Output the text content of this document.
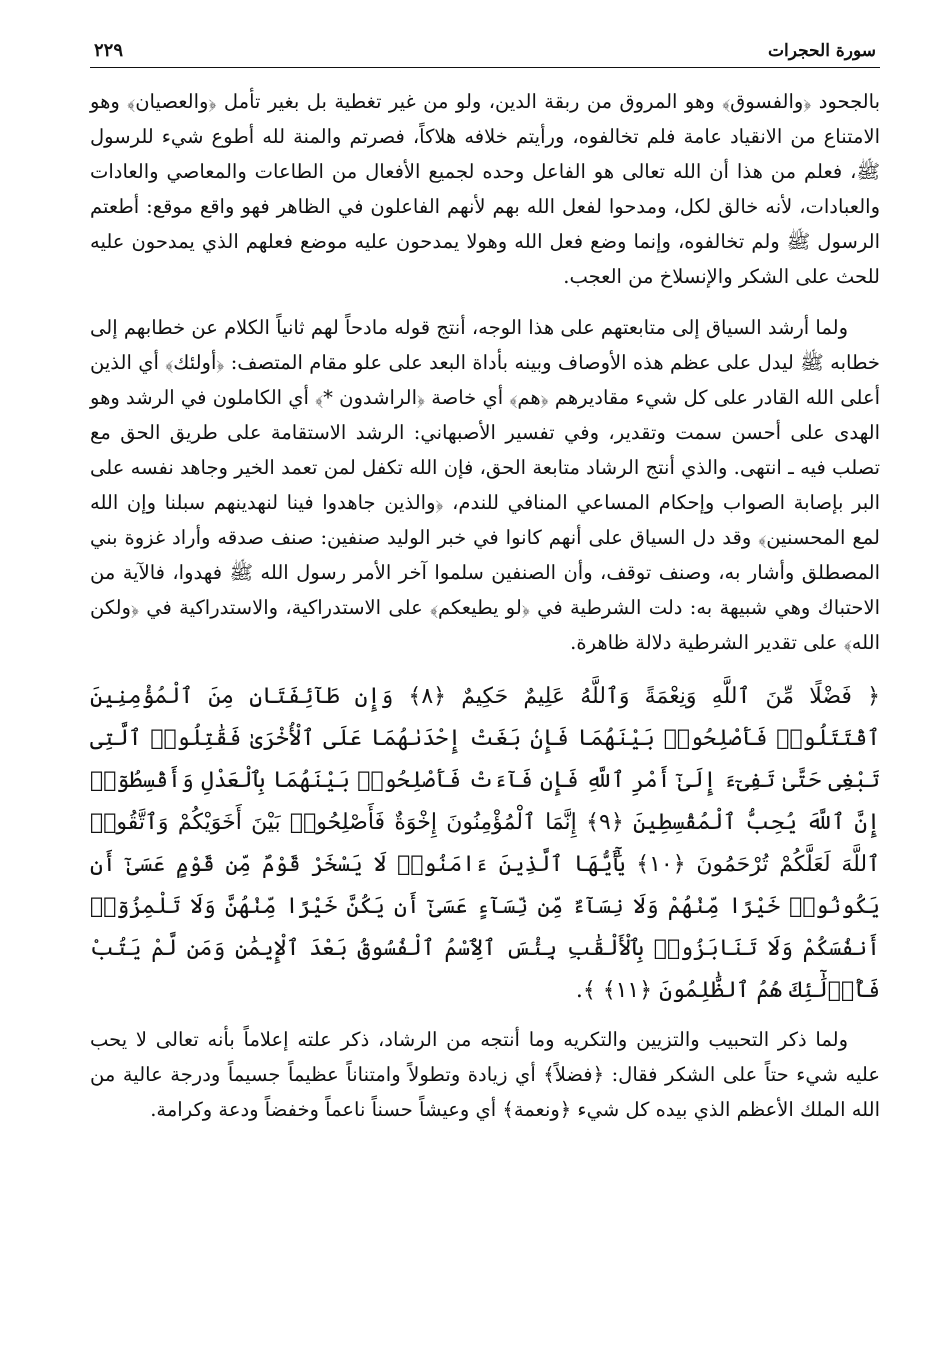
سورة الحجرات
٢٢٩

بالجحود ﴿والفسوق﴾ وهو المروق من ربقة الدين، ولو من غير تغطية بل بغير تأمل ﴿والعصيان﴾ وهو الامتناع من الانقياد عامة فلم تخالفوه، ورأيتم خلافه هلاكاً، فصرتم والمنة لله أطوع شيء للرسول ﷺ، فعلم من هذا أن الله تعالى هو الفاعل وحده لجميع الأفعال من الطاعات والمعاصي والعادات والعبادات، لأنه خالق لكل، ومدحوا لفعل الله بهم لأنهم الفاعلون في الظاهر فهو واقع موقع: أطعتم الرسول ﷺ ولم تخالفوه، وإنما وضع فعل الله وهولا يمدحون عليه موضع فعلهم الذي يمدحون عليه للحث على الشكر والإنسلاخ من العجب.

ولما أرشد السياق إلى متابعتهم على هذا الوجه، أنتج قوله مادحاً لهم ثانياً الكلام عن خطابهم إلى خطابه ﷺ ليدل على عظم هذه الأوصاف وبينه بأداة البعد على علو مقام المتصف: ﴿أولئك﴾ أي الذين أعلى الله القادر على كل شيء مقاديرهم ﴿هم﴾ أي خاصة ﴿الراشدون *﴾ أي الكاملون في الرشد وهو الهدى على أحسن سمت وتقدير، وفي تفسير الأصبهاني: الرشد الاستقامة على طريق الحق مع تصلب فيه ـ انتهى. والذي أنتج الرشاد متابعة الحق، فإن الله تكفل لمن تعمد الخير وجاهد نفسه على البر بإصابة الصواب وإحكام المساعي المنافي للندم، ﴿والذين جاهدوا فينا لنهدينهم سبلنا وإن الله لمع المحسنين﴾ وقد دل السياق على أنهم كانوا في خبر الوليد صنفين: صنف صدقه وأراد غزوة بني المصطلق وأشار به، وصنف توقف، وأن الصنفين سلموا آخر الأمر رسول الله ﷺ فهدوا، فالآية من الاحتباك وهي شبيهة به: دلت الشرطية في ﴿لو يطيعكم﴾ على الاستدراكية، والاستدراكية في ﴿ولكن الله﴾ على تقدير الشرطية دلالة ظاهرة.

﴿ فَضْلًا مِّنَ ٱللَّهِ وَنِعْمَةً وَٱللَّهُ عَلِيمٌ حَكِيمٌ ﴿٨﴾ وَإِن طَآئِفَتَانِ مِنَ ٱلْمُؤْمِنِينَ ٱقْتَتَلُوا۟ فَأَصْلِحُوا۟ بَيْنَهُمَا فَإِنۢ بَغَتْ إِحْدَىٰهُمَا عَلَى ٱلْأُخْرَىٰ فَقَٰتِلُوا۟ ٱلَّتِى تَبْغِى حَتَّىٰ تَفِىٓءَ إِلَىٰٓ أَمْرِ ٱللَّهِ فَإِن فَآءَتْ فَأَصْلِحُوا۟ بَيْنَهُمَا بِٱلْعَدْلِ وَأَقْسِطُوٓا۟ إِنَّ ٱللَّهَ يُحِبُّ ٱلْمُقْسِطِينَ ﴿٩﴾ إِنَّمَا ٱلْمُؤْمِنُونَ إِخْوَةٌ فَأَصْلِحُوا۟ بَيْنَ أَخَوَيْكُمْ وَٱتَّقُوا۟ ٱللَّهَ لَعَلَّكُمْ تُرْحَمُونَ ﴿١٠﴾ يَٰٓأَيُّهَا ٱلَّذِينَ ءَامَنُوا۟ لَا يَسْخَرْ قَوْمٌ مِّن قَوْمٍ عَسَىٰٓ أَن يَكُونُوا۟ خَيْرًا مِّنْهُمْ وَلَا نِسَآءٌ مِّن نِّسَآءٍ عَسَىٰٓ أَن يَكُنَّ خَيْرًا مِّنْهُنَّ وَلَا تَلْمِزُوٓا۟ أَنفُسَكُمْ وَلَا تَنَابَزُوا۟ بِٱلْأَلْقَٰبِ بِئْسَ ٱلِٱسْمُ ٱلْفُسُوقُ بَعْدَ ٱلْإِيمَٰنِ وَمَن لَّمْ يَتُبْ فَأُو۟لَٰٓئِكَ هُمُ ٱلظَّٰلِمُونَ ﴿١١﴾ ﴾.

ولما ذكر التحبيب والتزيين والتكريه وما أنتجه من الرشاد، ذكر علته إعلاماً بأنه تعالى لا يحب عليه شيء حتاً على الشكر فقال: ﴿فضلاً﴾ أي زيادة وتطولاً وامتناناً عظيماً جسيماً ودرجة عالية من الله الملك الأعظم الذي بيده كل شيء ﴿ونعمة﴾ أي وعيشاً حسناً ناعماً وخفضاً ودعة وكرامة.
